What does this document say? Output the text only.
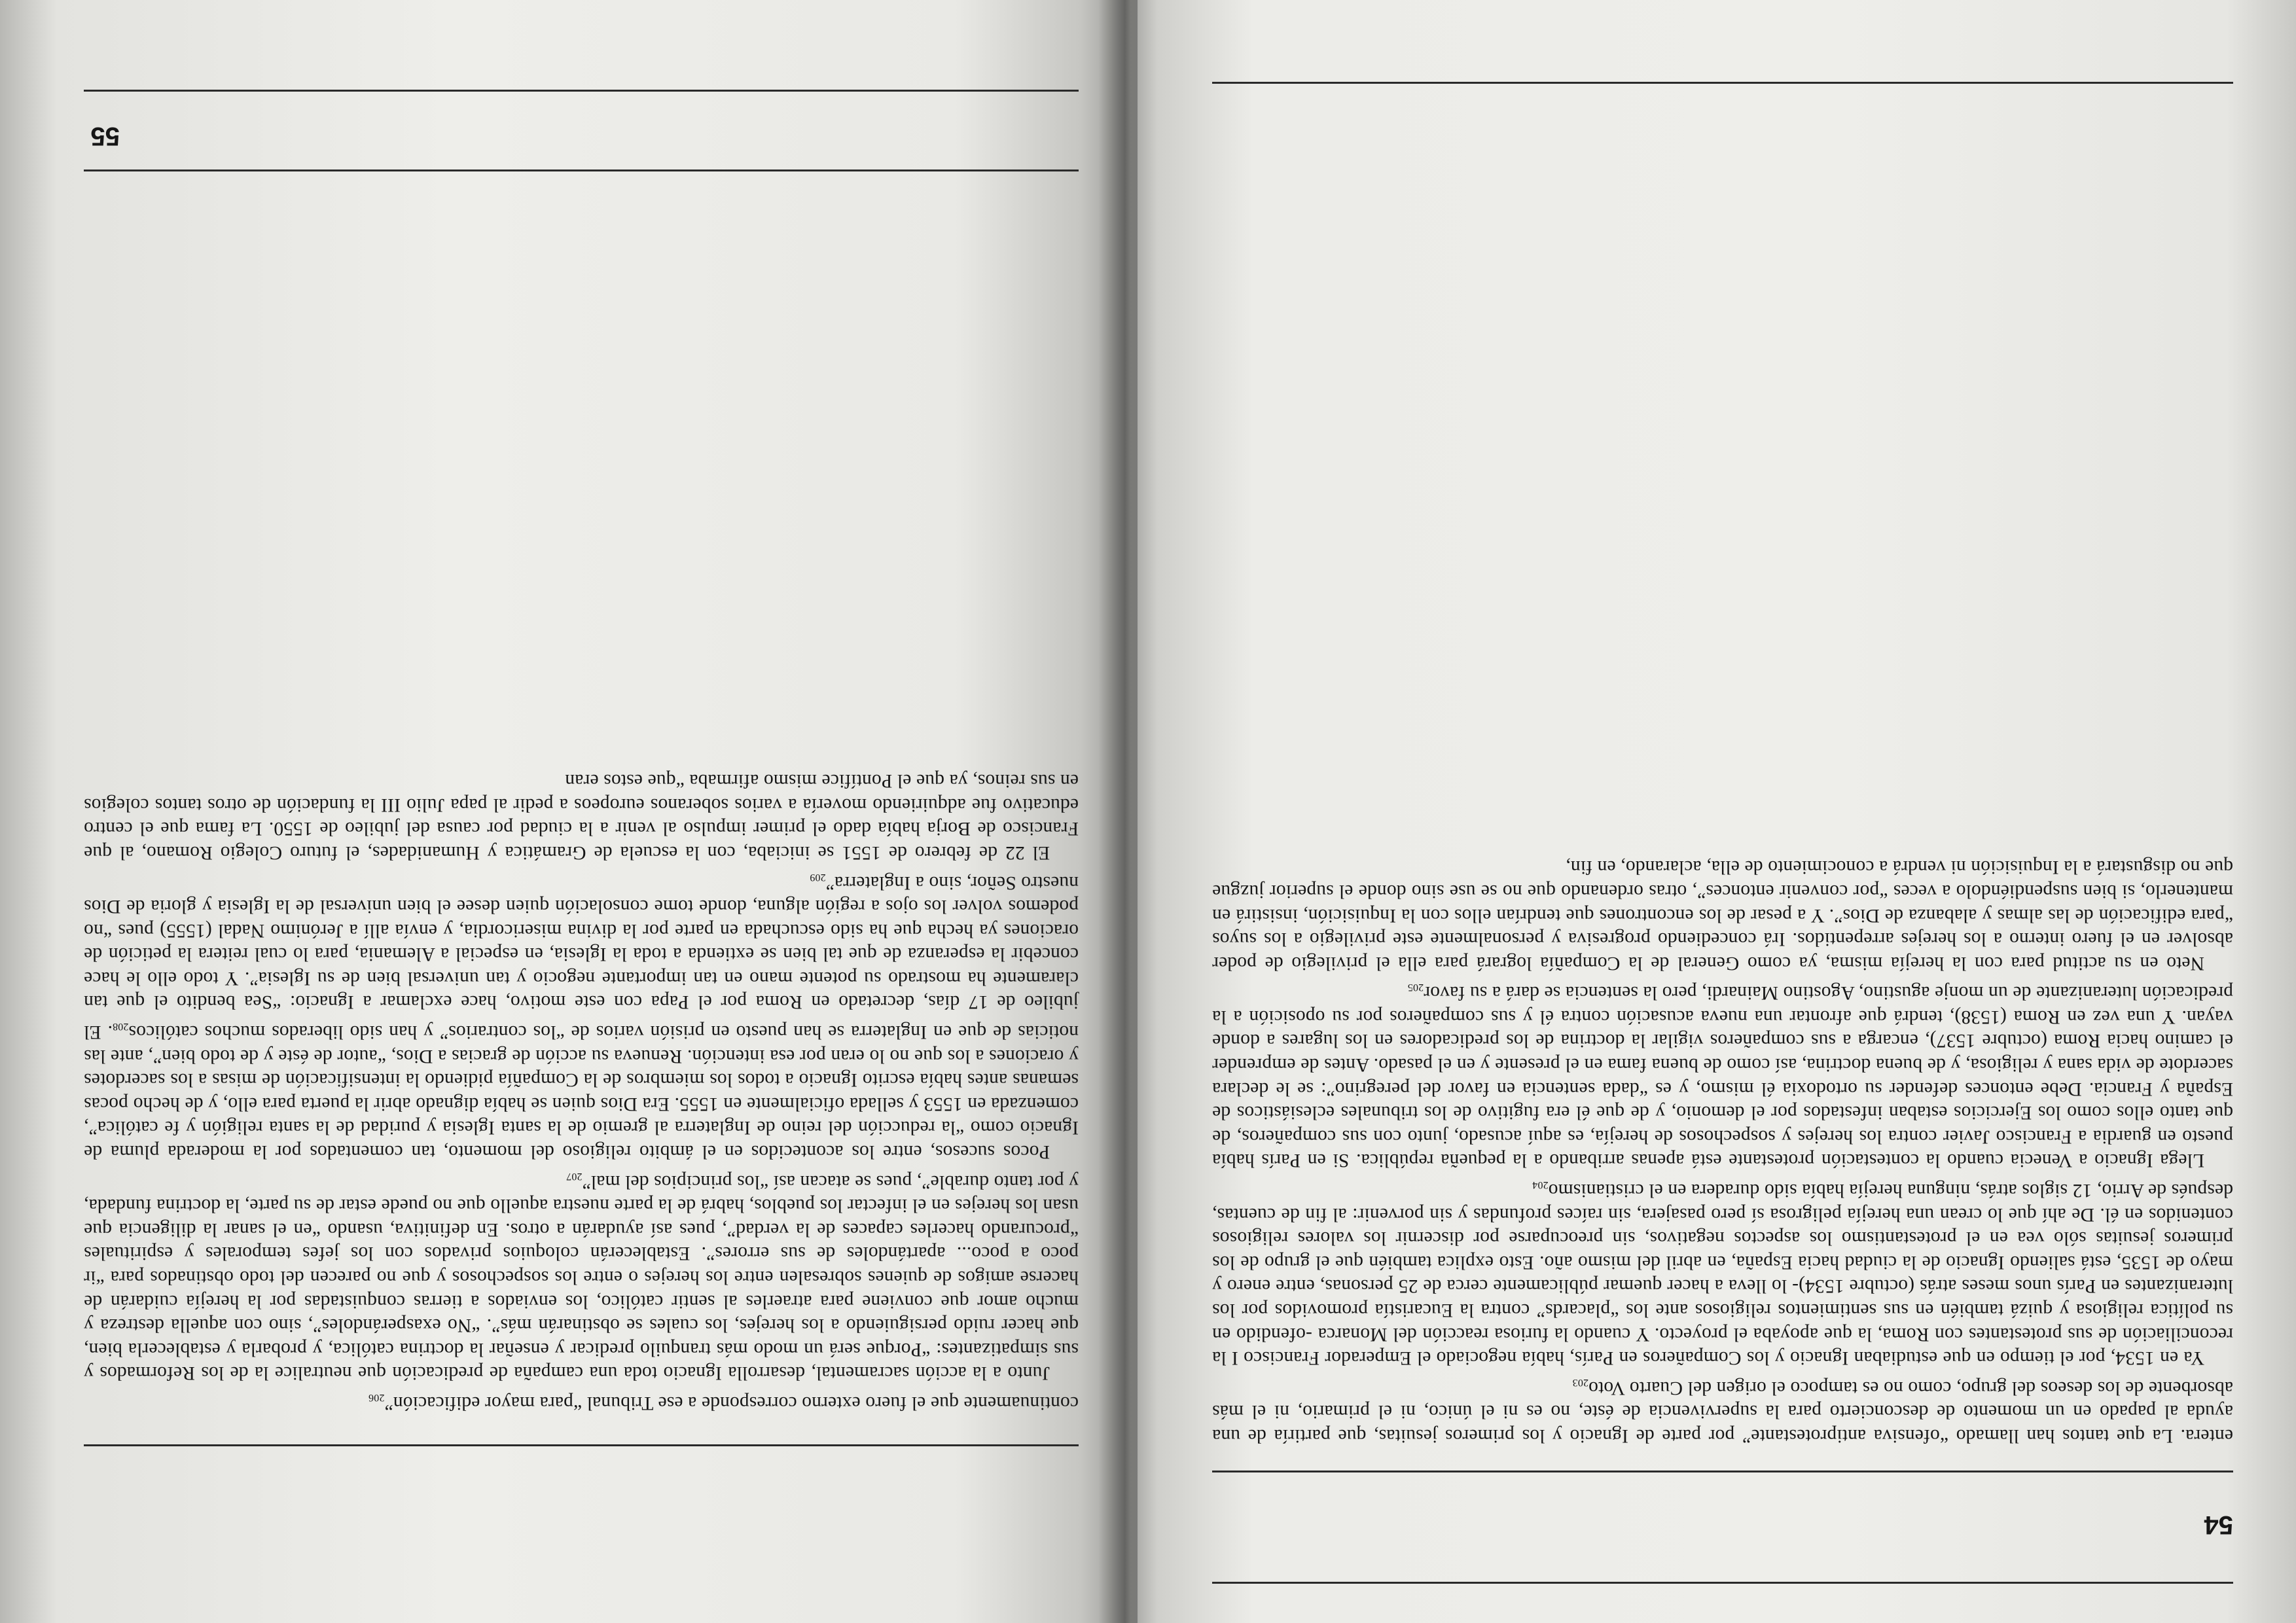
54

entera. La que tantos han llamado “ofensiva antiprotestante” por parte de Ignacio y los primeros jesuitas, que partiría de una ayuda al papado en un momento de desconcierto para la supervivencia de éste, no es ni el único, ni el primario, ni el más absorbente de los deseos del grupo, como no es tampoco el origen del Cuarto Voto$^{203}$

Ya en 1534, por el tiempo en que estudiaban Ignacio y los Compañeros en París, había negociado el Emperador Francisco I la reconciliación de sus protestantes con Roma, la que apoyaba el proyecto. Y cuando la furiosa reacción del Monarca -ofendido en su política religiosa y quizá también en sus sentimientos religiosos ante los “placards” contra la Eucaristía promovidos por los luteranizantes en París unos meses atrás (octubre 1534)- lo lleva a hacer quemar públicamente cerca de 25 personas, entre enero y mayo de 1535, está saliendo Ignacio de la ciudad hacia España, en abril del mismo año. Esto explica también que el grupo de los primeros jesuitas sólo vea en el protestantismo los aspectos negativos, sin preocuparse por discernir los valores religiosos contenidos en él. De ahí que lo crean una herejía peligrosa sí pero pasajera, sin raíces profundas y sin porvenir: al fin de cuentas, después de Arrio, 12 siglos atrás, ninguna herejía había sido duradera en el cristianismo$^{204}$

Llega Ignacio a Venecia cuando la contestación protestante está apenas arribando a la pequeña república. Si en París había puesto en guardia a Francisco Javier contra los herejes y sospechosos de herejía, es aquí acusado, junto con sus compañeros, de que tanto ellos como los Ejercicios estaban infestados por el demonio, y de que él era fugitivo de los tribunales eclesiásticos de España y Francia. Debe entonces defender su ortodoxia él mismo, y es “dada sentencia en favor del peregrino”: se le declara sacerdote de vida sana y religiosa, y de buena doctrina, así como de buena fama en el presente y en el pasado. Antes de emprender el camino hacia Roma (octubre 1537), encarga a sus compañeros vigilar la doctrina de los predicadores en los lugares a donde vayan. Y una vez en Roma (1538), tendrá que afrontar una nueva acusación contra él y sus compañeros por su oposición a la predicación luteranizante de un monje agustino, Agostino Mainardi, pero la sentencia se dará a su favor$^{205}$

Neto en su actitud para con la herejía misma, ya como General de la Compañía logrará para ella el privilegio de poder absolver en el fuero interno a los herejes arrepentidos. Irá concediendo progresiva y personalmente este privilegio a los suyos “para edificación de las almas y alabanza de Dios”. Y a pesar de los encontrones que tendrían ellos con la Inquisición, insistirá en mantenerlo, si bien suspendiéndolo a veces “por convenir entonces”, otras ordenando que no se use sino donde el superior juzgue que no disgustará a la Inquisición ni vendrá a conocimiento de ella, aclarando, en fin,

continuamente que el fuero externo corresponde a ese Tribunal “para mayor edificación”$^{206}$

Junto a la acción sacramental, desarrolla Ignacio toda una campaña de predicación que neutralice la de los Reformados y sus simpatizantes: “Porque será un modo más tranquilo predicar y enseñar la doctrina católica, y probarla y establecerla bien, que hacer ruido persiguiendo a los herejes, los cuales se obstinarán más”. “No exasperándoles”, sino con aquella destreza y mucho amor que conviene para atraerles al sentir católico, los enviados a tierras conquistadas por la herejía cuidarán de hacerse amigos de quienes sobresalen entre los herejes o entre los sospechosos y que no parecen del todo obstinados para “ir poco a poco... apartándoles de sus errores”. Establecerán coloquios privados con los jefes temporales y espirituales “procurando hacerles capaces de la verdad”, pues así ayudarán a otros. En definitiva, usando “en el sanar la diligencia que usan los herejes en el infectar los pueblos, habrá de la parte nuestra aquello que no puede estar de su parte, la doctrina fundada, y por tanto durable”, pues se atacan así “los principios del mal”$^{207}$

Pocos sucesos, entre los acontecidos en el ámbito religioso del momento, tan comentados por la moderada pluma de Ignacio como “la reducción del reino de Inglaterra al gremio de la santa Iglesia y puridad de la santa religión y fe católica”, comenzada en 1553 y sellada oficialmente en 1555. Era Dios quien se había dignado abrir la puerta para ello, y de hecho pocas semanas antes había escrito Ignacio a todos los miembros de la Compañía pidiendo la intensificación de misas a los sacerdotes y oraciones a los que no lo eran por esa intención. Renueva su acción de gracias a Dios, “autor de éste y de todo bien”, ante las noticias de que en Inglaterra se han puesto en prisión varios de “los contrarios” y han sido liberados muchos católicos$^{208}$. El jubileo de 17 días, decretado en Roma por el Papa con este motivo, hace exclamar a Ignacio: “Sea bendito el que tan claramente ha mostrado su potente mano en tan importante negocio y tan universal bien de su Iglesia”. Y todo ello le hace concebir la esperanza de que tal bien se extienda a toda la Iglesia, en especial a Alemania, para lo cual reitera la petición de oraciones ya hecha que ha sido escuchada en parte por la divina misericordia, y envía allí a Jerónimo Nadal (1555) pues “no podemos volver los ojos a región alguna, donde tome consolación quien desee el bien universal de la Iglesia y gloria de Dios nuestro Señor, sino a Inglaterra”$^{209}$

El 22 de febrero de 1551 se iniciaba, con la escuela de Gramática y Humanidades, el futuro Colegio Romano, al que Francisco de Borja había dado el primer impulso al venir a la ciudad por causa del jubileo de 1550. La fama que el centro educativo fue adquiriendo movería a varios soberanos europeos a pedir al papa Julio III la fundación de otros tantos colegios en sus reinos, ya que el Pontífice mismo afirmaba “que estos eran

55
